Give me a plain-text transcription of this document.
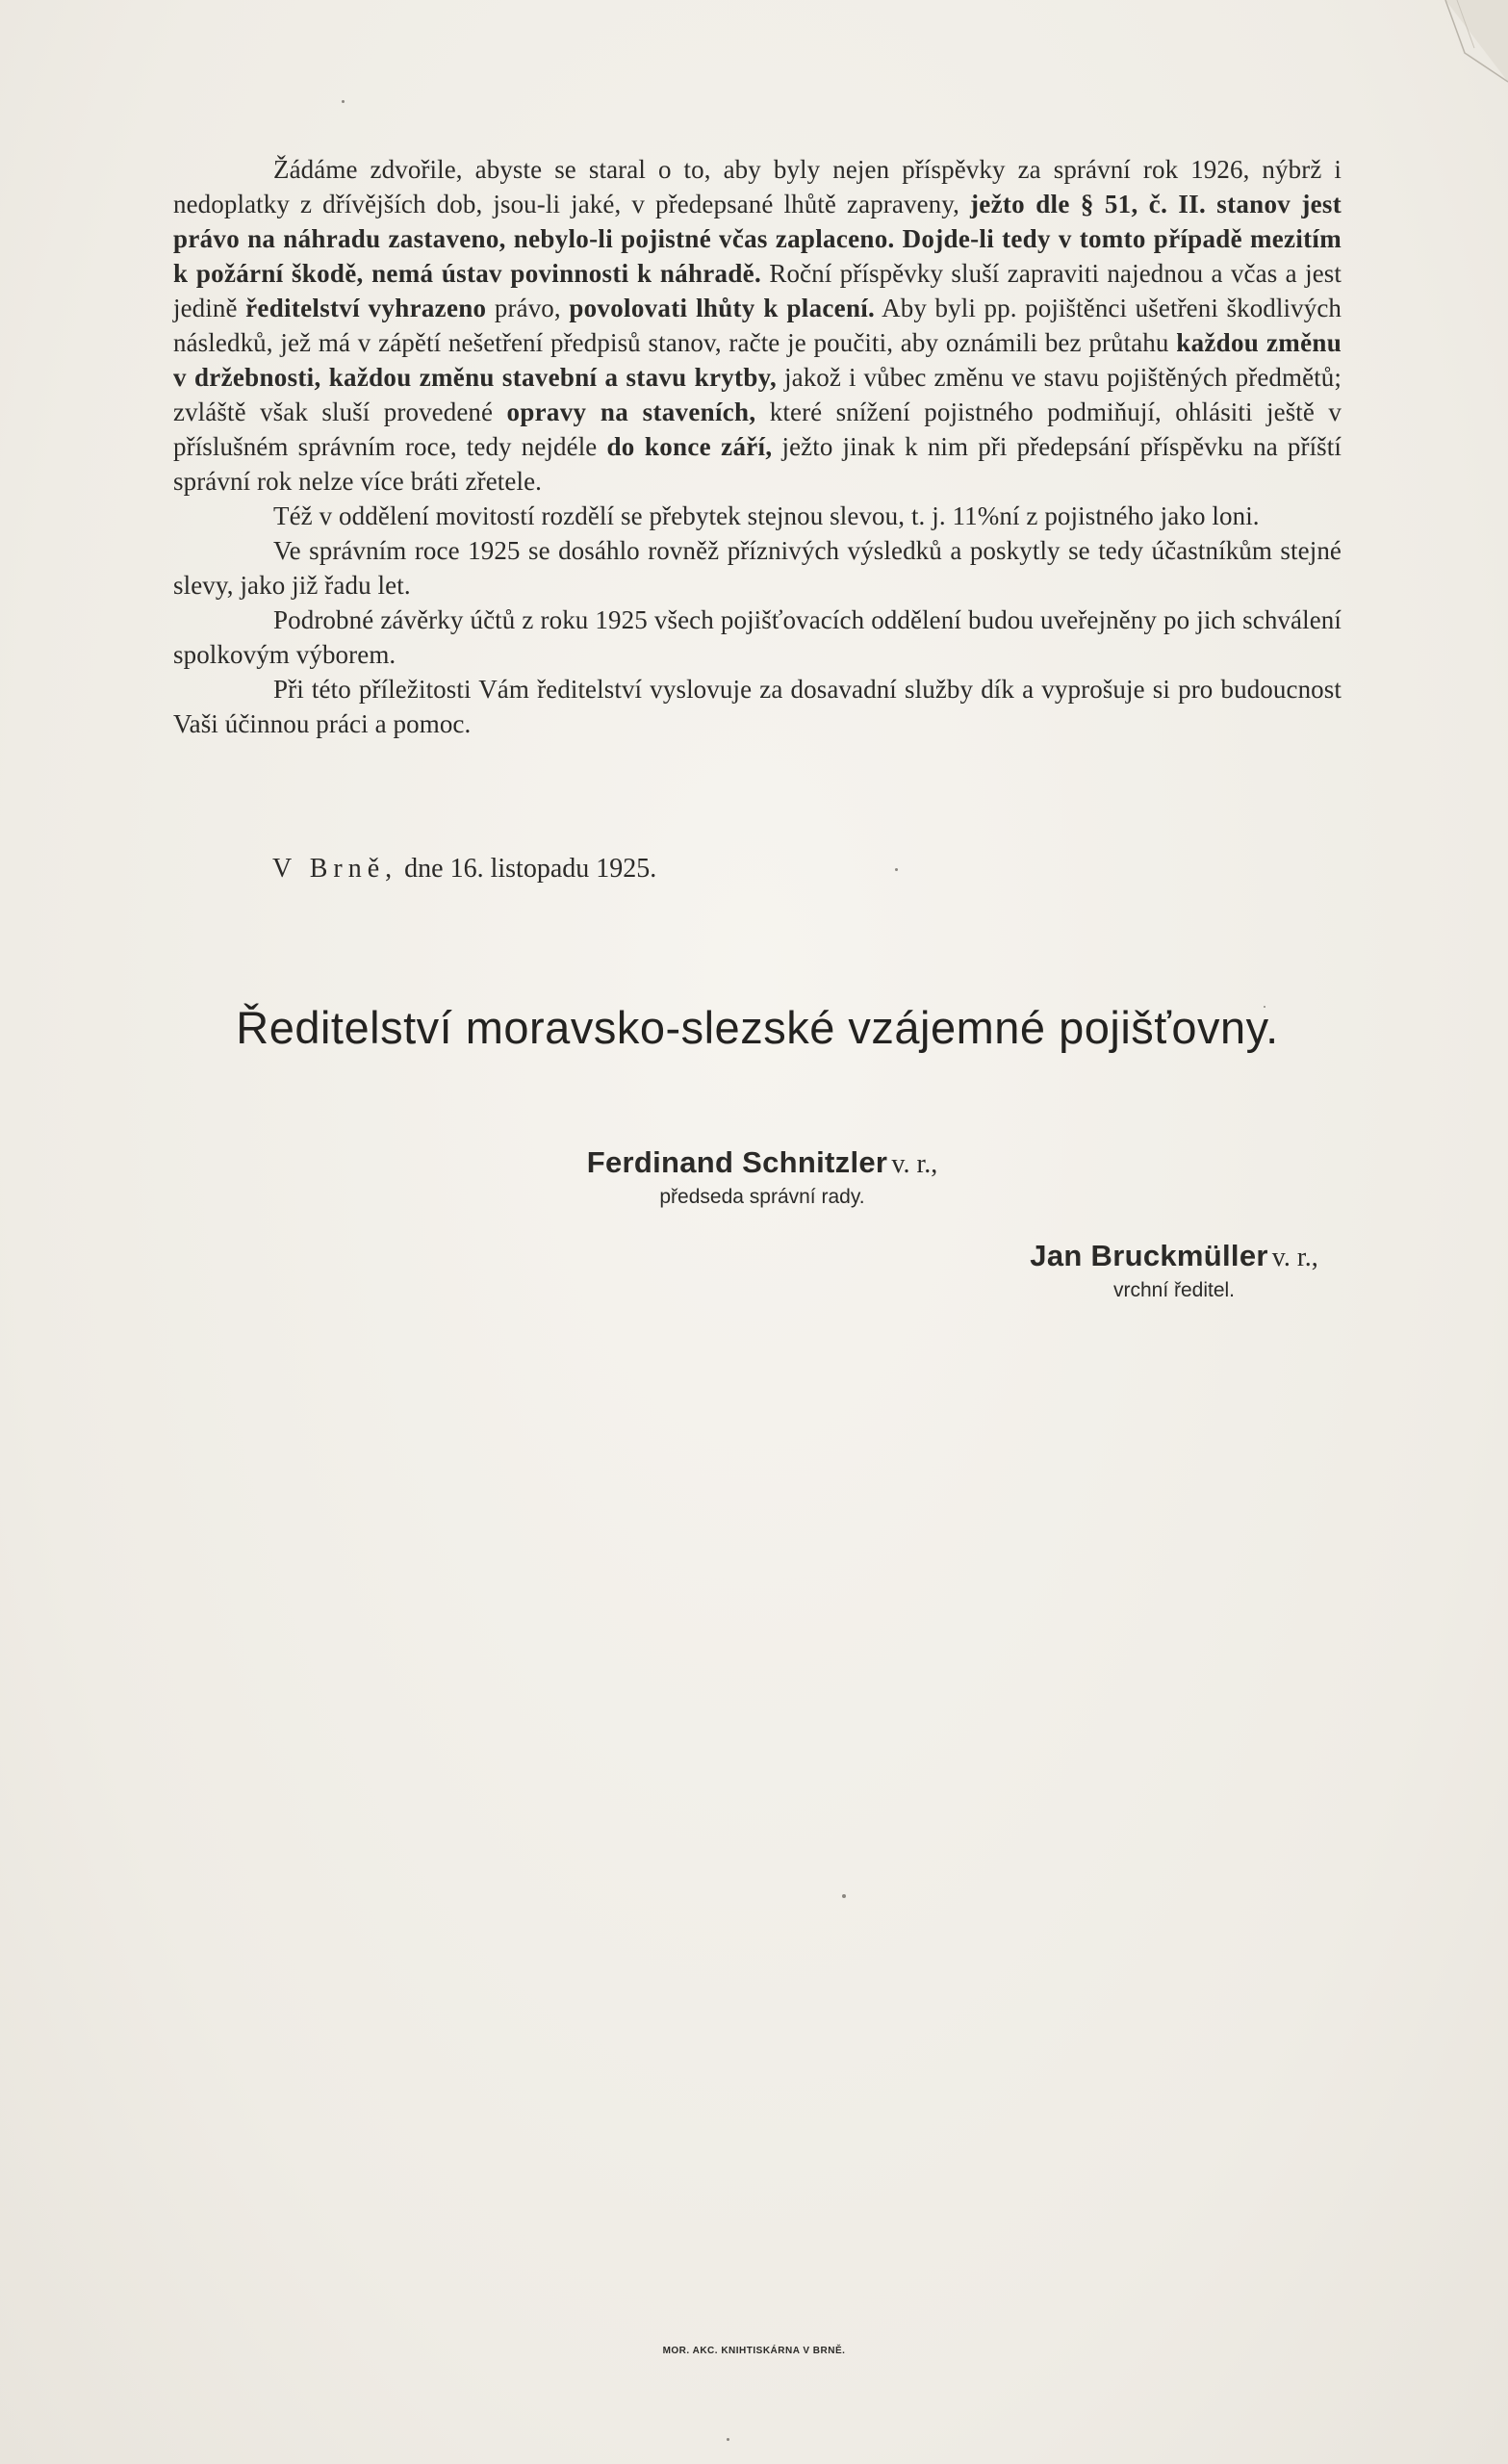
Žádáme zdvořile, abyste se staral o to, aby byly nejen příspěvky za správní rok 1926, nýbrž i nedoplatky z dřívějších dob, jsou-li jaké, v předepsané lhůtě zapraveny, ježto dle § 51, č. II. stanov jest právo na náhradu zastaveno, nebylo-li pojistné včas zaplaceno. Dojde-li tedy v tomto případě mezitím k požární škodě, nemá ústav povinnosti k náhradě. Roční příspěvky sluší zapraviti najednou a včas a jest jedině ředitelství vyhrazeno právo, povolovati lhůty k placení. Aby byli pp. pojištěnci ušetřeni škodlivých následků, jež má v zápětí nešetření předpisů stanov, račte je poučiti, aby oznámili bez průtahu každou změnu v držebnosti, každou změnu stavební a stavu krytby, jakož i vůbec změnu ve stavu pojištěných předmětů; zvláště však sluší provedené opravy na staveních, které snížení pojistného podmiňují, ohlásiti ještě v příslušném správním roce, tedy nejdéle do konce září, ježto jinak k nim při předepsání příspěvku na příští správní rok nelze více bráti zřetele.

Též v oddělení movitostí rozdělí se přebytek stejnou slevou, t. j. 11%ní z pojistného jako loni.

Ve správním roce 1925 se dosáhlo rovněž příznivých výsledků a poskytly se tedy účastníkům stejné slevy, jako již řadu let.

Podrobné závěrky účtů z roku 1925 všech pojišťovacích oddělení budou uveřejněny po jich schválení spolkovým výborem.

Při této příležitosti Vám ředitelství vyslovuje za dosavadní služby dík a vyprošuje si pro budoucnost Vaši účinnou práci a pomoc.

V Brně, dne 16. listopadu 1925.
Ředitelství moravsko-slezské vzájemné pojišťovny.
Ferdinand Schnitzler v. r.,
předseda správní rady.
Jan Bruckmüller v. r.,
vrchní ředitel.
MOR. AKC. KNIHTISKÁRNA V BRNĚ.
